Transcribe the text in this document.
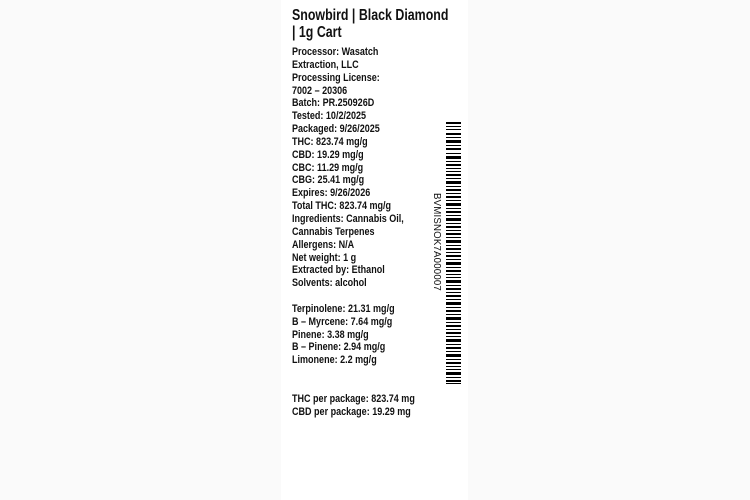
Snowbird | Black Diamond
| 1g Cart
Processor: Wasatch
Extraction, LLC
Processing License:
7002 – 20306
Batch: PR.250926D
Tested: 10/2/2025
Packaged: 9/26/2025
THC: 823.74 mg/g
CBD: 19.29 mg/g
CBC: 11.29 mg/g
CBG: 25.41 mg/g
Expires: 9/26/2026
Total THC: 823.74 mg/g
Ingredients: Cannabis Oil,
Cannabis Terpenes
Allergens: N/A
Net weight: 1 g
Extracted by: Ethanol
Solvents: alcohol
Terpinolene: 21.31 mg/g
B – Myrcene: 7.64 mg/g
Pinene: 3.38 mg/g
B – Pinene: 2.94 mg/g
Limonene: 2.2 mg/g
THC per package: 823.74 mg
CBD per package: 19.29 mg
BVMISNOK7A000007
